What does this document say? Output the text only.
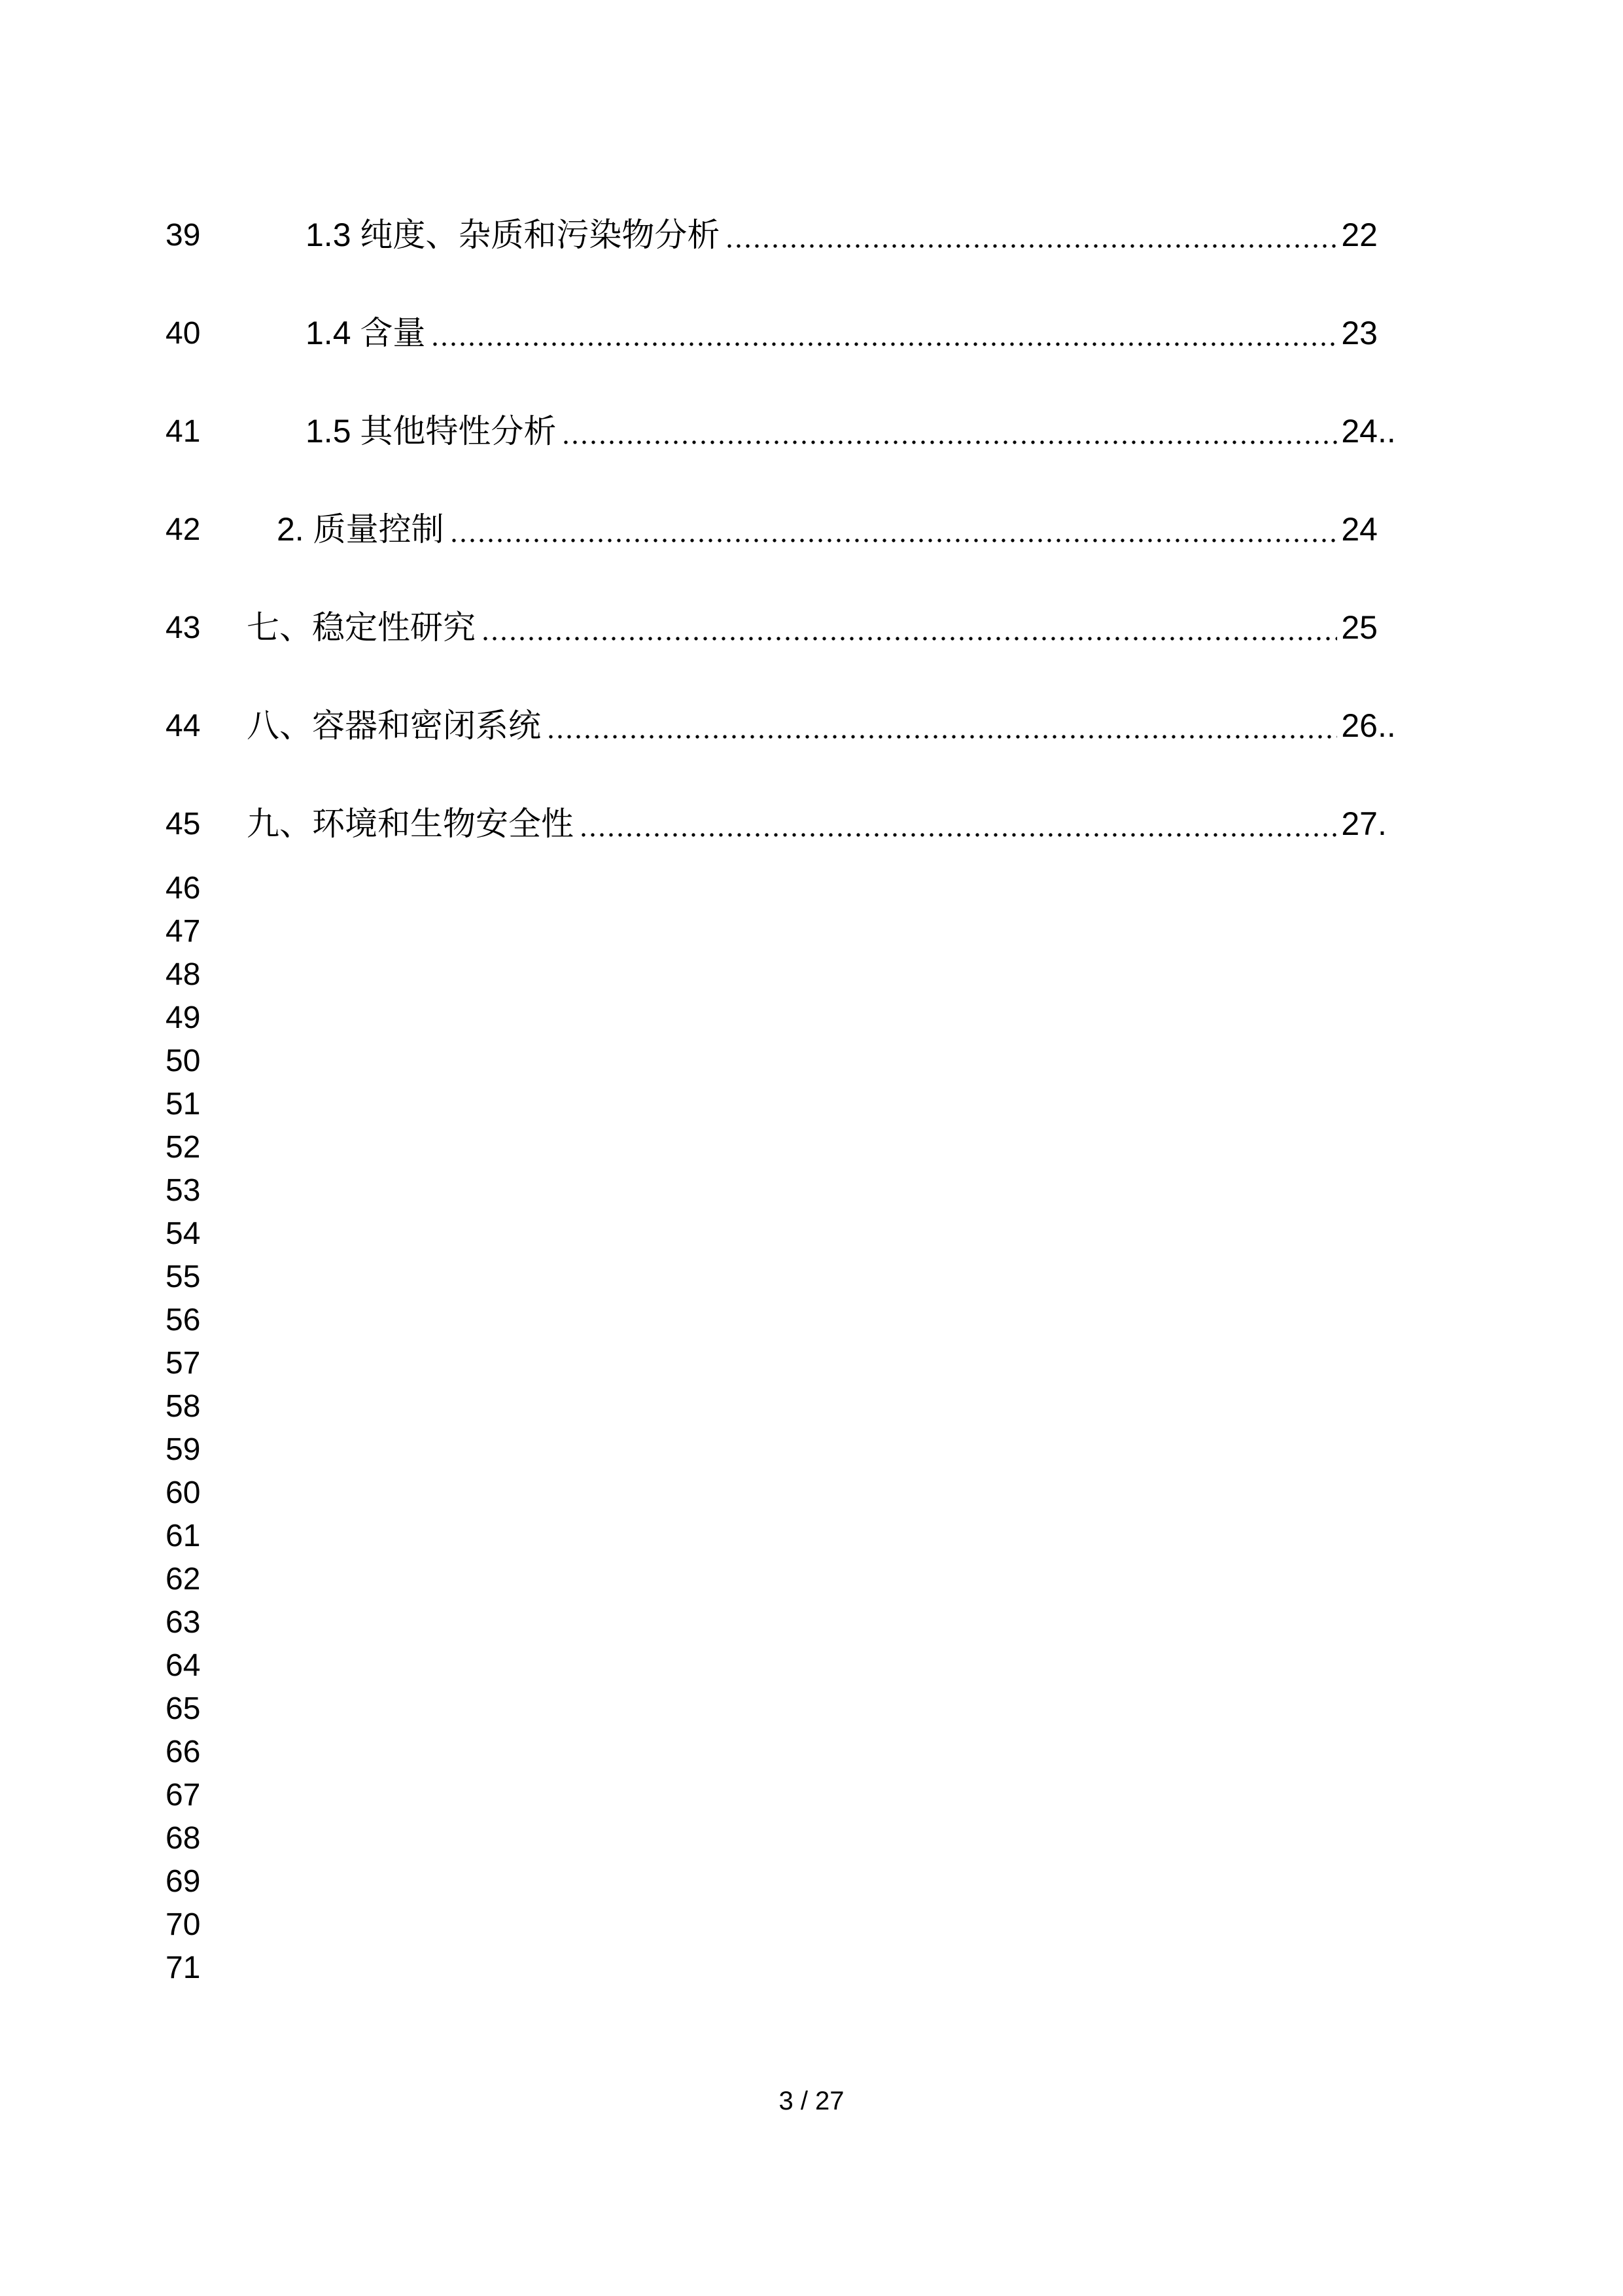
39	1.3 纯度、杂质和污染物分析	22
40	1.4 含量	23
41	1.5 其他特性分析	24 ..
42 2. 质量控制	24
43 七、稳定性研究	25
44 八、容器和密闭系统	26 ..
45 九、环境和生物安全性	27 .
46
47
48
49
50
51
52
53
54
55
56
57
58
59
60
61
62
63
64
65
66
67
68
69
70
71
3 / 27
